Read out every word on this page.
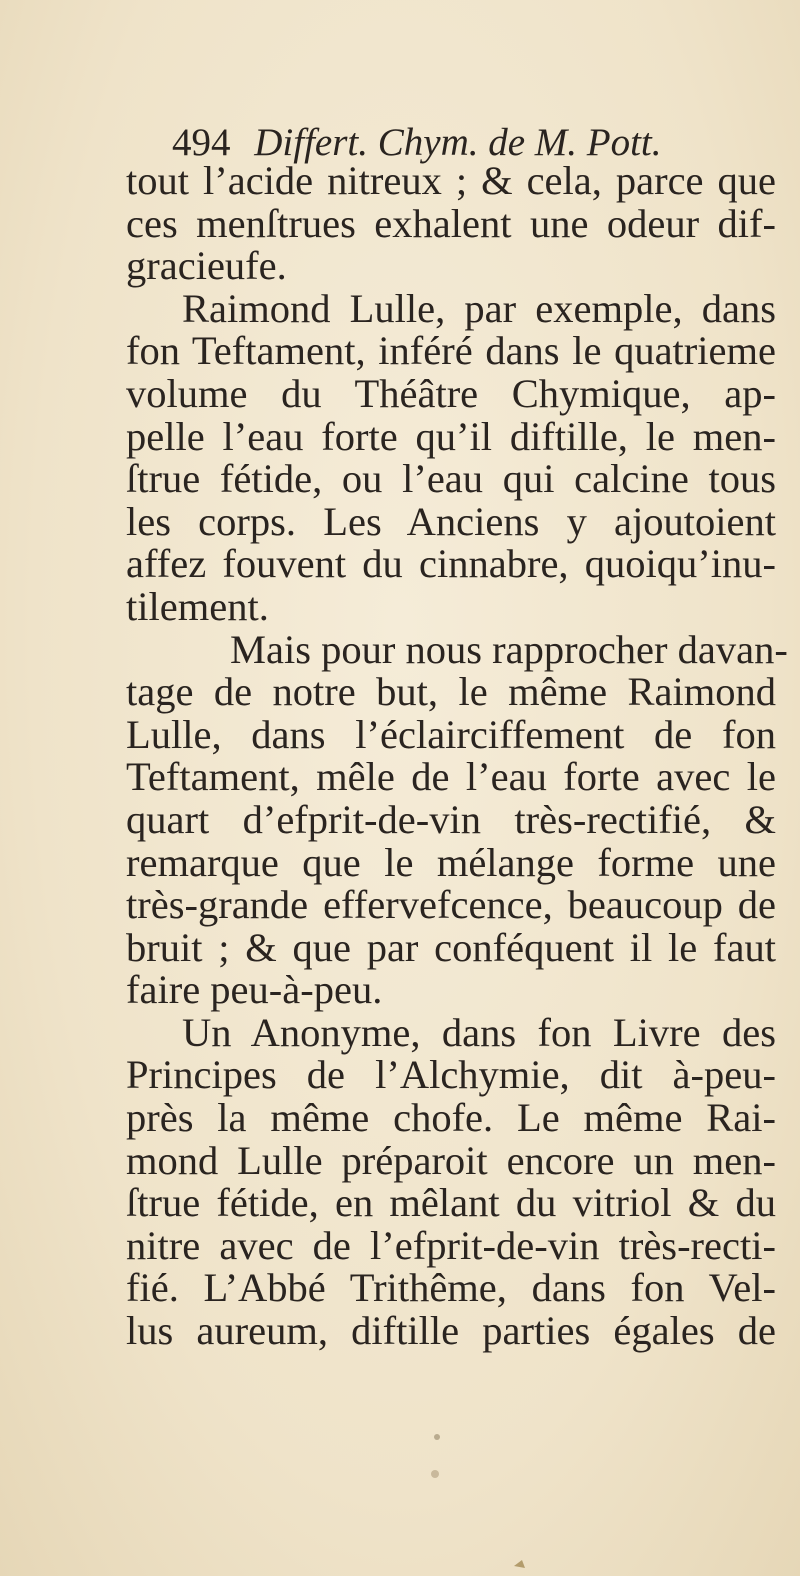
494 Differt. Chym. de M. Pott.
tout l’acide nitreux ; & cela, parce que
ces menſtrues exhalent une odeur dif-
gracieufe.
Raimond Lulle, par exemple, dans
fon Teftament, inféré dans le quatrieme
volume du Théâtre Chymique, ap-
pelle l’eau forte qu’il diftille, le men-
ſtrue fétide, ou l’eau qui calcine tous
les corps. Les Anciens y ajoutoient
affez fouvent du cinnabre, quoiqu’inu-
tilement.
Mais pour nous rapprocher davan-
tage de notre but, le même Raimond
Lulle, dans l’éclairciffement de fon
Teftament, mêle de l’eau forte avec le
quart d’efprit-de-vin très-rectifié, &
remarque que le mélange forme une
très-grande effervefcence, beaucoup de
bruit ; & que par conféquent il le faut
faire peu-à-peu.
Un Anonyme, dans fon Livre des
Principes de l’Alchymie, dit à-peu-
près la même chofe. Le même Rai-
mond Lulle préparoit encore un men-
ſtrue fétide, en mêlant du vitriol & du
nitre avec de l’efprit-de-vin très-recti-
fié. L’Abbé Trithême, dans fon Vel-
lus aureum, diftille parties égales de
